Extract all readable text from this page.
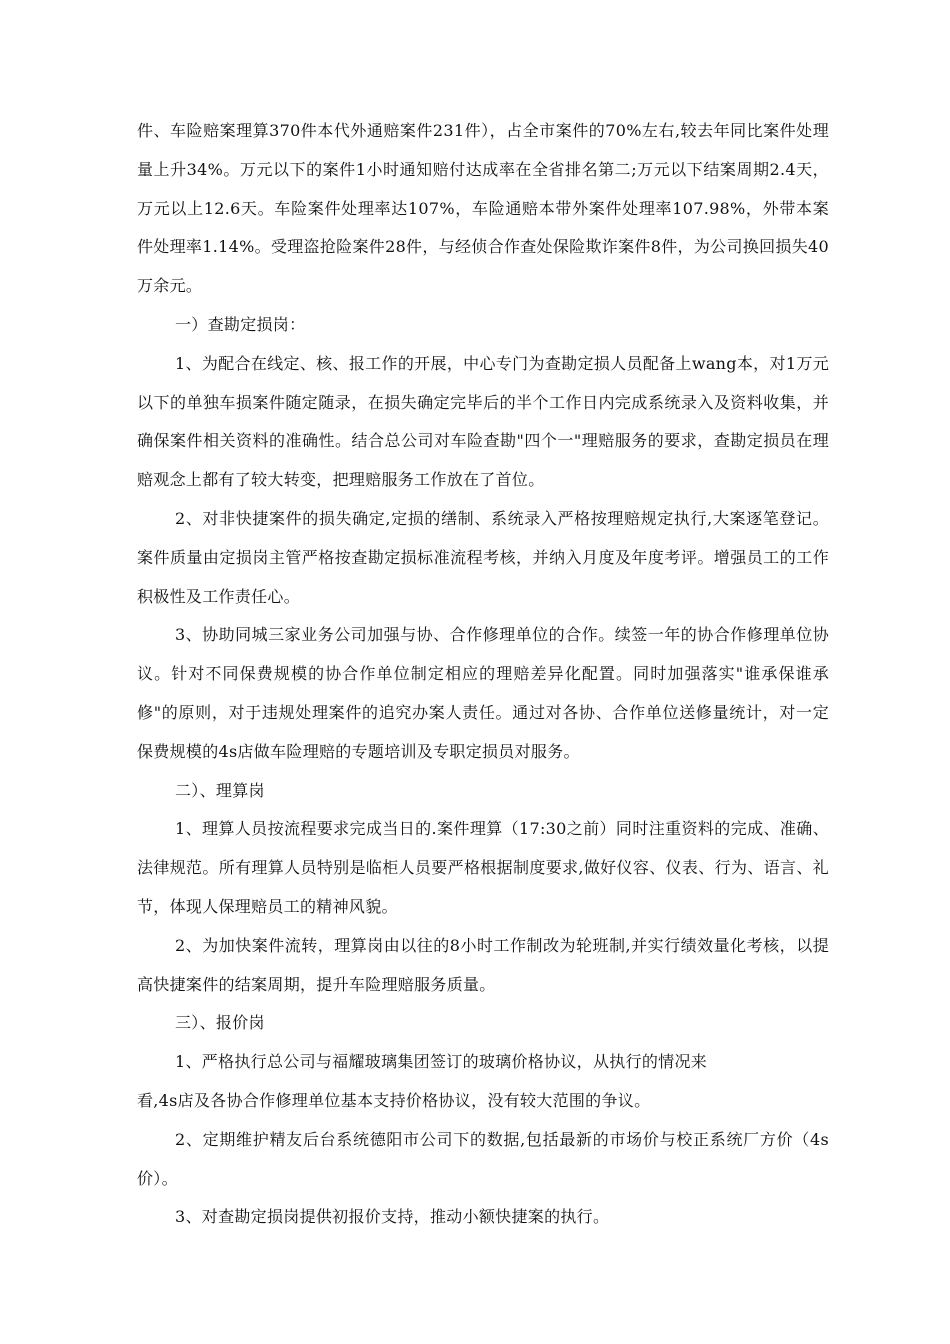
件、车险赔案理算370件本代外通赔案件231件），占全市案件的70%左右,较去年同比案件处理量上升34%。万元以下的案件1小时通知赔付达成率在全省排名第二;万元以下结案周期2.4天，万元以上12.6天。车险案件处理率达107%，车险通赔本带外案件处理率107.98%，外带本案件处理率1.14%。受理盗抢险案件28件，与经侦合作查处保险欺诈案件8件，为公司换回损失40万余元。

一）查勘定损岗：

1、为配合在线定、核、报工作的开展，中心专门为查勘定损人员配备上wang本，对1万元以下的单独车损案件随定随录，在损失确定完毕后的半个工作日内完成系统录入及资料收集，并确保案件相关资料的准确性。结合总公司对车险查勘"四个一"理赔服务的要求，查勘定损员在理赔观念上都有了较大转变，把理赔服务工作放在了首位。

2、对非快捷案件的损失确定,定损的缮制、系统录入严格按理赔规定执行,大案逐笔登记。案件质量由定损岗主管严格按查勘定损标准流程考核，并纳入月度及年度考评。增强员工的工作积极性及工作责任心。

3、协助同城三家业务公司加强与协、合作修理单位的合作。续签一年的协合作修理单位协议。针对不同保费规模的协合作单位制定相应的理赔差异化配置。同时加强落实"谁承保谁承修"的原则，对于违规处理案件的追究办案人责任。通过对各协、合作单位送修量统计，对一定保费规模的4s店做车险理赔的专题培训及专职定损员对服务。

二）、理算岗

1、理算人员按流程要求完成当日的.案件理算（17:30之前）同时注重资料的完成、准确、法律规范。所有理算人员特别是临柜人员要严格根据制度要求,做好仪容、仪表、行为、语言、礼节，体现人保理赔员工的精神风貌。

2、为加快案件流转，理算岗由以往的8小时工作制改为轮班制,并实行绩效量化考核，以提高快捷案件的结案周期，提升车险理赔服务质量。

三）、报价岗

1、严格执行总公司与福耀玻璃集团签订的玻璃价格协议，从执行的情况来
看,4s店及各协合作修理单位基本支持价格协议，没有较大范围的争议。

2、定期维护精友后台系统德阳市公司下的数据,包括最新的市场价与校正系统厂方价（4s价）。

3、对查勘定损岗提供初报价支持，推动小额快捷案的执行。
